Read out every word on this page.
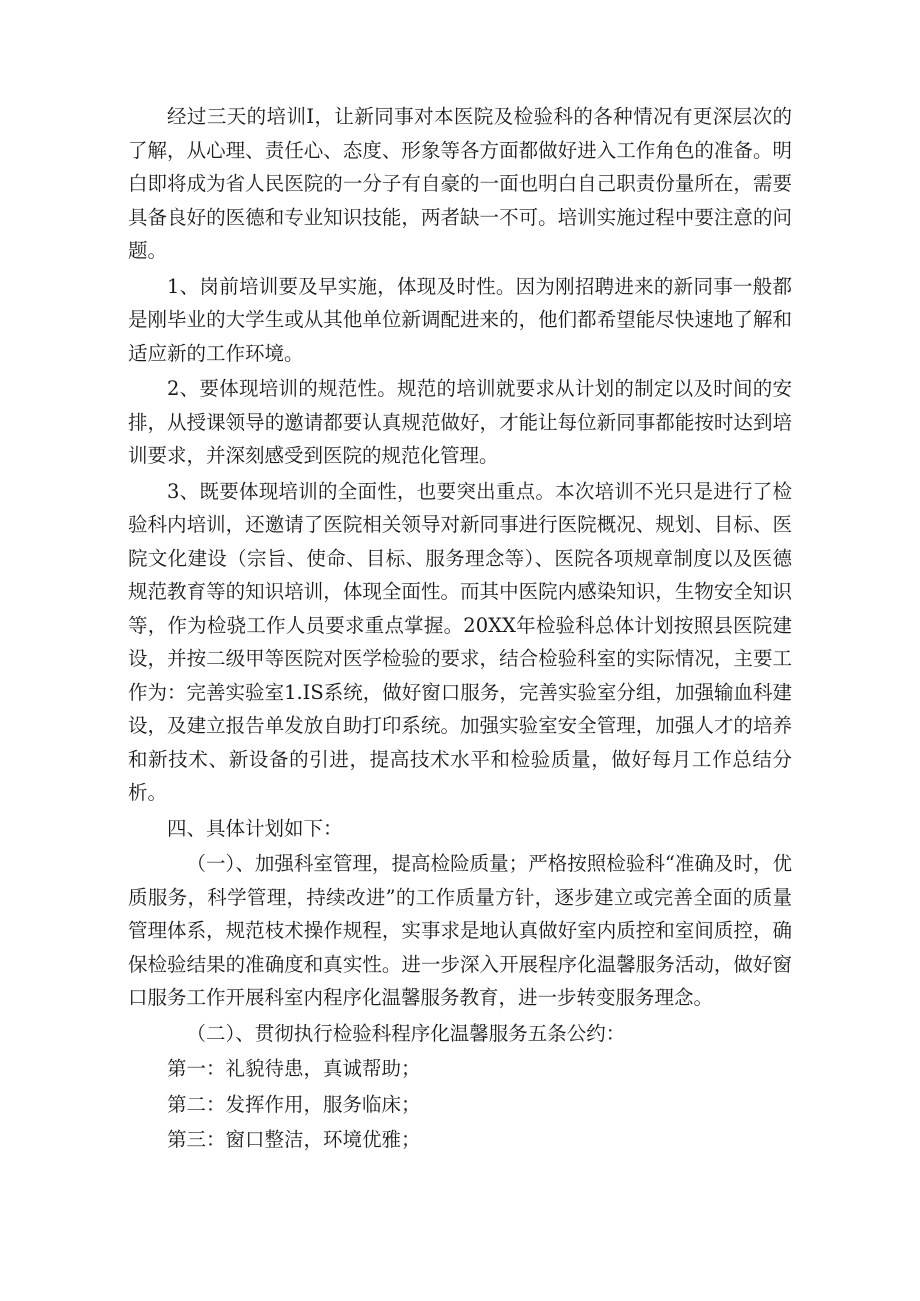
经过三天的培训I，让新同事对本医院及检验科的各种情况有更深层次的了解，从心理、责任心、态度、形象等各方面都做好进入工作角色的准备。明白即将成为省人民医院的一分子有自豪的一面也明白自己职责份量所在，需要具备良好的医德和专业知识技能，两者缺一不可。培训实施过程中要注意的问题。

1、岗前培训要及早实施，体现及时性。因为刚招聘进来的新同事一般都是刚毕业的大学生或从其他单位新调配进来的，他们都希望能尽快速地了解和适应新的工作环境。

2、要体现培训的规范性。规范的培训就要求从计划的制定以及时间的安排，从授课领导的邀请都要认真规范做好，才能让每位新同事都能按时达到培训要求，并深刻感受到医院的规范化管理。

3、既要体现培训的全面性，也要突出重点。本次培训不光只是进行了检验科内培训，还邀请了医院相关领导对新同事进行医院概况、规划、目标、医院文化建设（宗旨、使命、目标、服务理念等）、医院各项规章制度以及医德规范教育等的知识培训，体现全面性。而其中医院内感染知识，生物安全知识等，作为检骁工作人员要求重点掌握。20XX年检验科总体计划按照县医院建设，并按二级甲等医院对医学检验的要求，结合检验科室的实际情况，主要工作为：完善实验室1.IS系统，做好窗口服务，完善实验室分组，加强输血科建设，及建立报告单发放自助打印系统。加强实验室安全管理，加强人才的培养和新技术、新设备的引进，提高技术水平和检验质量，做好每月工作总结分析。

四、具体计划如下：

（一）、加强科室管理，提高检险质量；严格按照检验科“准确及时，优质服务，科学管理，持续改进”的工作质量方针，逐步建立或完善全面的质量管理体系，规范枝术操作规程，实事求是地认真做好室内质控和室间质控，确保检验结果的准确度和真实性。进一步深入开展程序化温馨服务活动，做好窗口服务工作开展科室内程序化温馨服务教育，进一步转变服务理念。

（二）、贯彻执行检验科程序化温馨服务五条公约：

第一：礼貌待患，真诚帮助；

第二：发挥作用，服务临床；

第三：窗口整洁，环境优雅；
